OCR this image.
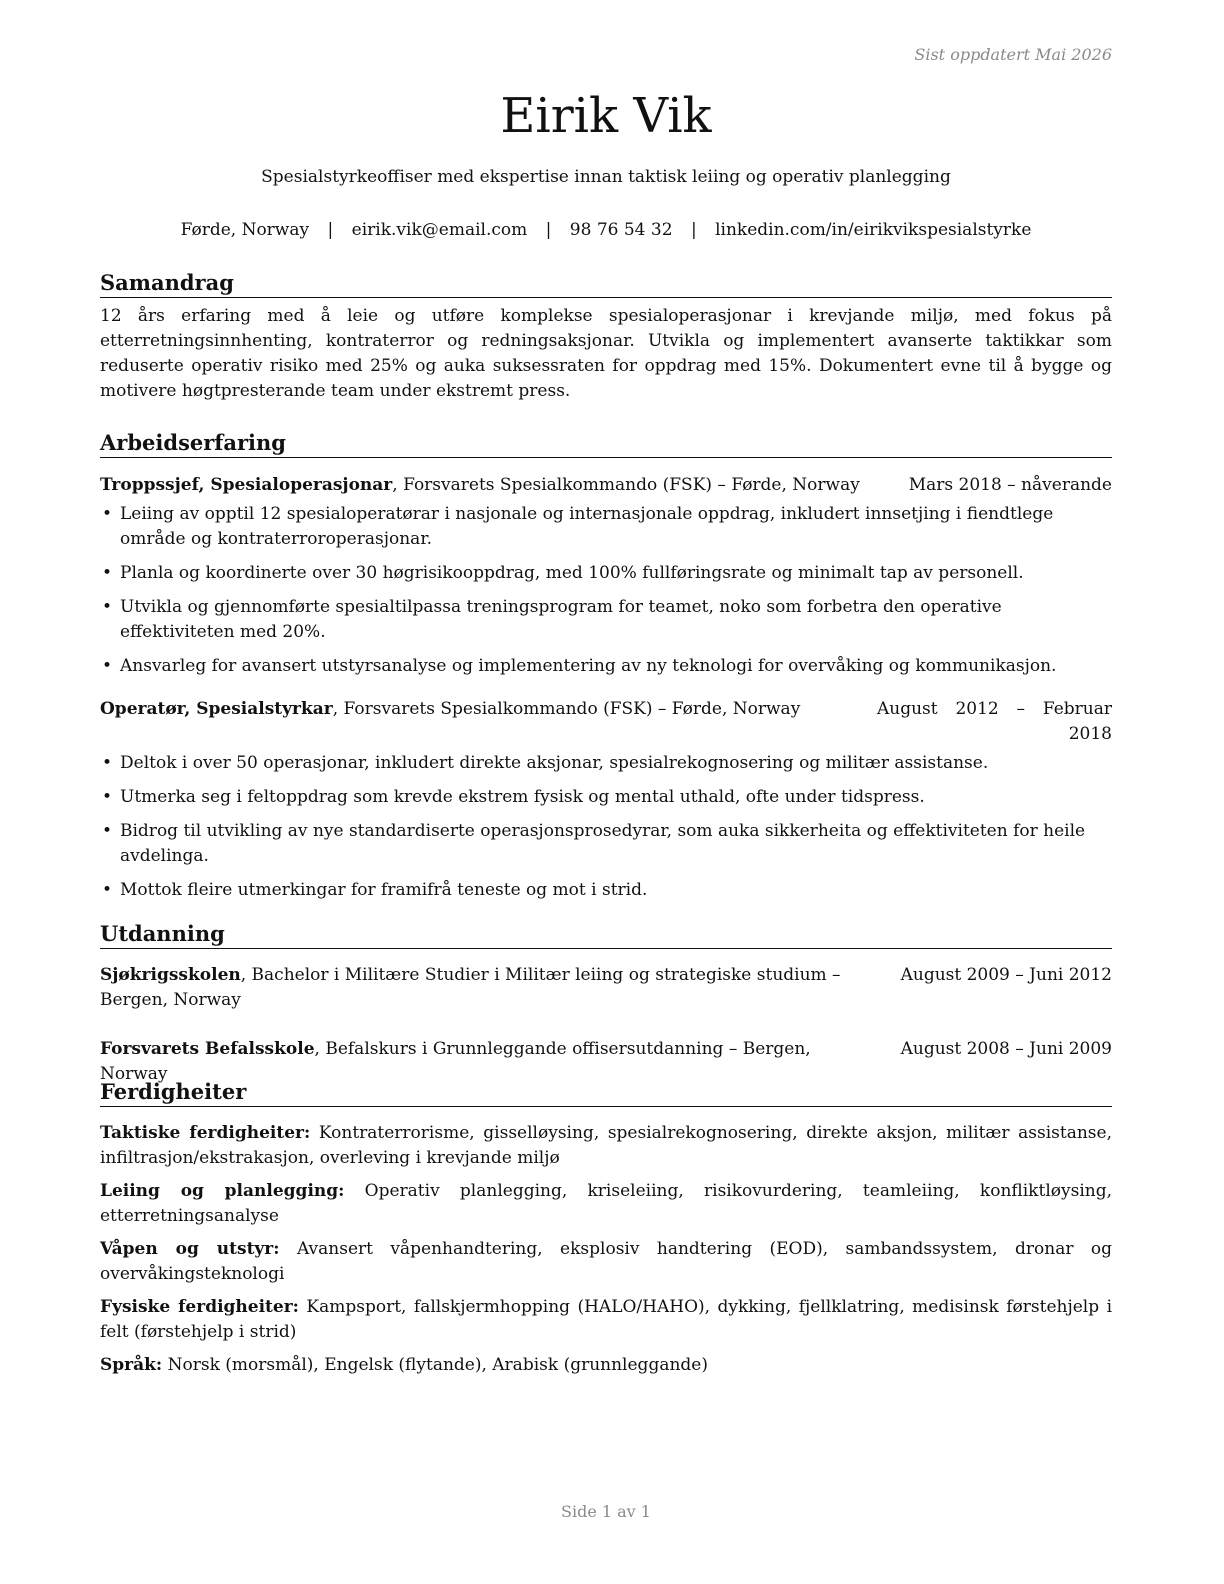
Sist oppdatert Mai 2026
Eirik Vik
Spesialstyrkeoffiser med ekspertise innan taktisk leiing og operativ planlegging
Førde, Norway | eirik.vik@email.com | 98 76 54 32 | linkedin.com/in/eirikvikspesialstyrke
Samandrag

12 års erfaring med å leie og utføre komplekse spesialoperasjonar i krevjande miljø, med fokus på etterretningsinnhenting, kontraterror og redningsaksjonar. Utvikla og implementert avanserte taktikkar som reduserte operativ risiko med 25% og auka suksessraten for oppdrag med 15%. Dokumentert evne til å bygge og motivere høgtpresterande team under ekstremt press.

Arbeidserfaring
Troppssjef, Spesialoperasjonar, Forsvarets Spesialkommando (FSK) – Førde, Norway	Mars 2018 – nåverande
• Leiing av opptil 12 spesialoperatørar i nasjonale og internasjonale oppdrag, inkludert innsetjing i fiendtlege område og kontraterroroperasjonar.
• Planla og koordinerte over 30 høgrisikooppdrag, med 100% fullføringsrate og minimalt tap av personell.
• Utvikla og gjennomførte spesialtilpassa treningsprogram for teamet, noko som forbetra den operative effektiviteten med 20%.
• Ansvarleg for avansert utstyrsanalyse og implementering av ny teknologi for overvåking og kommunikasjon.
Operatør, Spesialstyrkar, Forsvarets Spesialkommando (FSK) – Førde, Norway	August 2012 – Februar 2018
• Deltok i over 50 operasjonar, inkludert direkte aksjonar, spesialrekognosering og militær assistanse.
• Utmerka seg i feltoppdrag som krevde ekstrem fysisk og mental uthald, ofte under tidspress.
• Bidrog til utvikling av nye standardiserte operasjonsprosedyrar, som auka sikkerheita og effektiviteten for heile avdelinga.
• Mottok fleire utmerkingar for framifrå teneste og mot i strid.
Utdanning
Sjøkrigsskolen, Bachelor i Militære Studier i Militær leiing og strategiske studium – Bergen, Norway
August 2009 – Juni 2012
Forsvarets Befalsskole, Befalskurs i Grunnleggande offisersutdanning – Bergen, Norway
August 2008 – Juni 2009
Ferdigheiter
Taktiske ferdigheiter: Kontraterrorisme, gisselløysing, spesialrekognosering, direkte aksjon, militær assistanse, infiltrasjon/ekstrakasjon, overleving i krevjande miljø
Leiing og planlegging: Operativ planlegging, kriseleiing, risikovurdering, teamleiing, konfliktløysing, etterretningsanalyse
Våpen og utstyr: Avansert våpenhandtering, eksplosiv handtering (EOD), sambandssystem, dronar og overvåkingsteknologi
Fysiske ferdigheiter: Kampsport, fallskjermhopping (HALO/HAHO), dykking, fjellklatring, medisinsk førstehjelp i felt (førstehjelp i strid)
Språk: Norsk (morsmål), Engelsk (flytande), Arabisk (grunnleggande)
Side 1 av 1
